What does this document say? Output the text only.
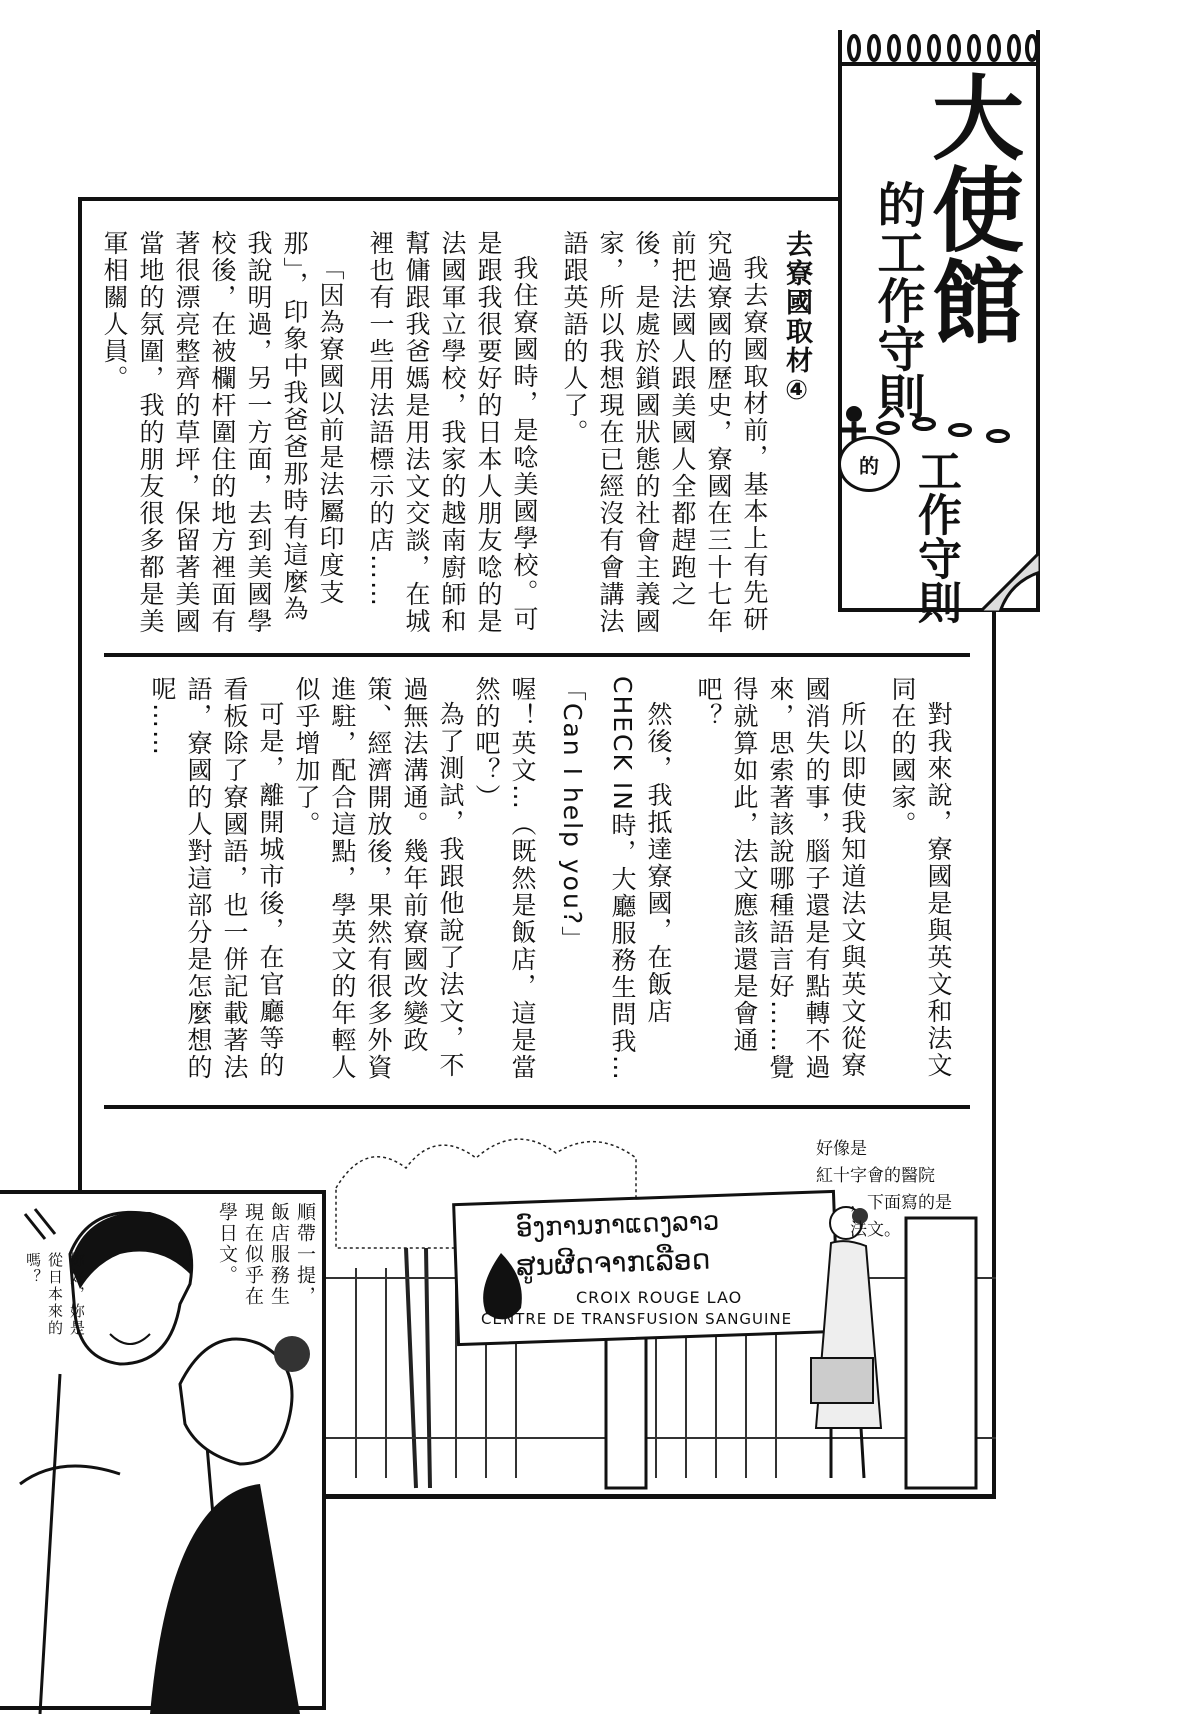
大使館
的工作守則
的 工作守則
去寮國取材④

我去寮國取材前，基本上有先研究過寮國的歷史，寮國在三十七年前把法國人跟美國人全都趕跑之後，是處於鎖國狀態的社會主義國家，所以我想現在已經沒有會講法語跟英語的人了。

我住寮國時，是唸美國學校。可是跟我很要好的日本人朋友唸的是法國軍立學校，我家的越南廚師和幫傭跟我爸媽是用法文交談，在城裡也有一些用法語標示的店……

「因為寮國以前是法屬印度支那」，印象中我爸爸那時有這麼為我說明過，另一方面，去到美國學校後，在被欄杆圍住的地方裡面有著很漂亮整齊的草坪，保留著美國當地的氛圍，我的朋友很多都是美軍相關人員。

對我來說，寮國是與英文和法文同在的國家。

所以即使我知道法文與英文從寮國消失的事，腦子還是有點轉不過來，思索著該說哪種語言好……覺得就算如此，法文應該還是會通吧？

然後，我抵達寮國，在飯店CHECK IN時，大廳服務生問我…

「Can I help you?」

喔！英文…（既然是飯店，這是當然的吧？）

為了測試，我跟他說了法文，不過無法溝通。幾年前寮國改變政策、經濟開放後，果然有很多外資進駐，配合這點，學英文的年輕人似乎增加了。

可是，離開城市後，在官廳等的看板除了寮國語，也一併記載著法語，寮國的人對這部分是怎麼想的呢……

ອົງການກາແດງລາວ
ສູນຜີດຈາກເລືອດ
CROIX ROUGE LAO
CENTRE DE TRANSFUSION SANGUINE
好像是
紅十字會的醫院
，下面寫的是
法文。
順帶一提，飯店服務生現在似乎在學日文。
妳好，妳是從日本來的嗎？
